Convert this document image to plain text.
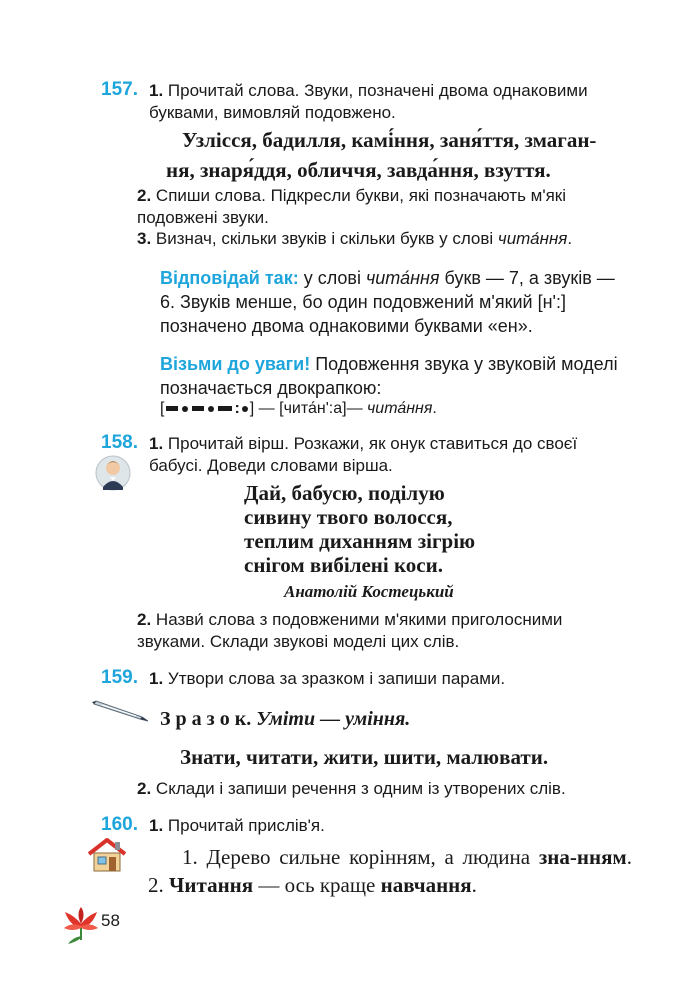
157. 1. Прочитай слова. Звуки, позначені двома однаковими буквами, вимовляй подовжено.
Узлісся, бадилля, камі́ння, заня́ття, змаган-
ня, знаря́ддя, обличчя, завда́ння, взуття.
2. Спиши слова. Підкресли букви, які позначають м'які подовжені звуки.
3. Визнач, скільки звуків і скільки букв у слові чита́ння.
Відповідай так: у слові чита́ння букв — 7, а звуків — 6. Звуків менше, бо один подовжений м'який [н':] позначено двома однаковими буквами «ен».
Візьми до уваги! Подовження звука у звуковій моделі позначається двокрапкою:
[	: ] — [чита́н':а]— чита́ння.
158. 1. Прочитай вірш. Розкажи, як онук ставиться до своєї бабусі. Доведи словами вірша.
Дай, бабусю, поділую
сивину твого волосся,
теплим диханням зігрію
снігом вибілені коси.
Анатолій Костецький
2. Назви́ слова з подовженими м'якими приголосними звуками. Склади звукові моделі цих слів.
159. 1. Утвори слова за зразком і запиши парами.
З р а з о к. Уміти — уміння.
Знати, читати, жити, шити, малювати.
2. Склади і запиши речення з одним із утворених слів.
160. 1. Прочитай прислів'я.
1. Дерево сильне корінням, а людина зна-нням. 2. Читання — ось краще навчання.
58
